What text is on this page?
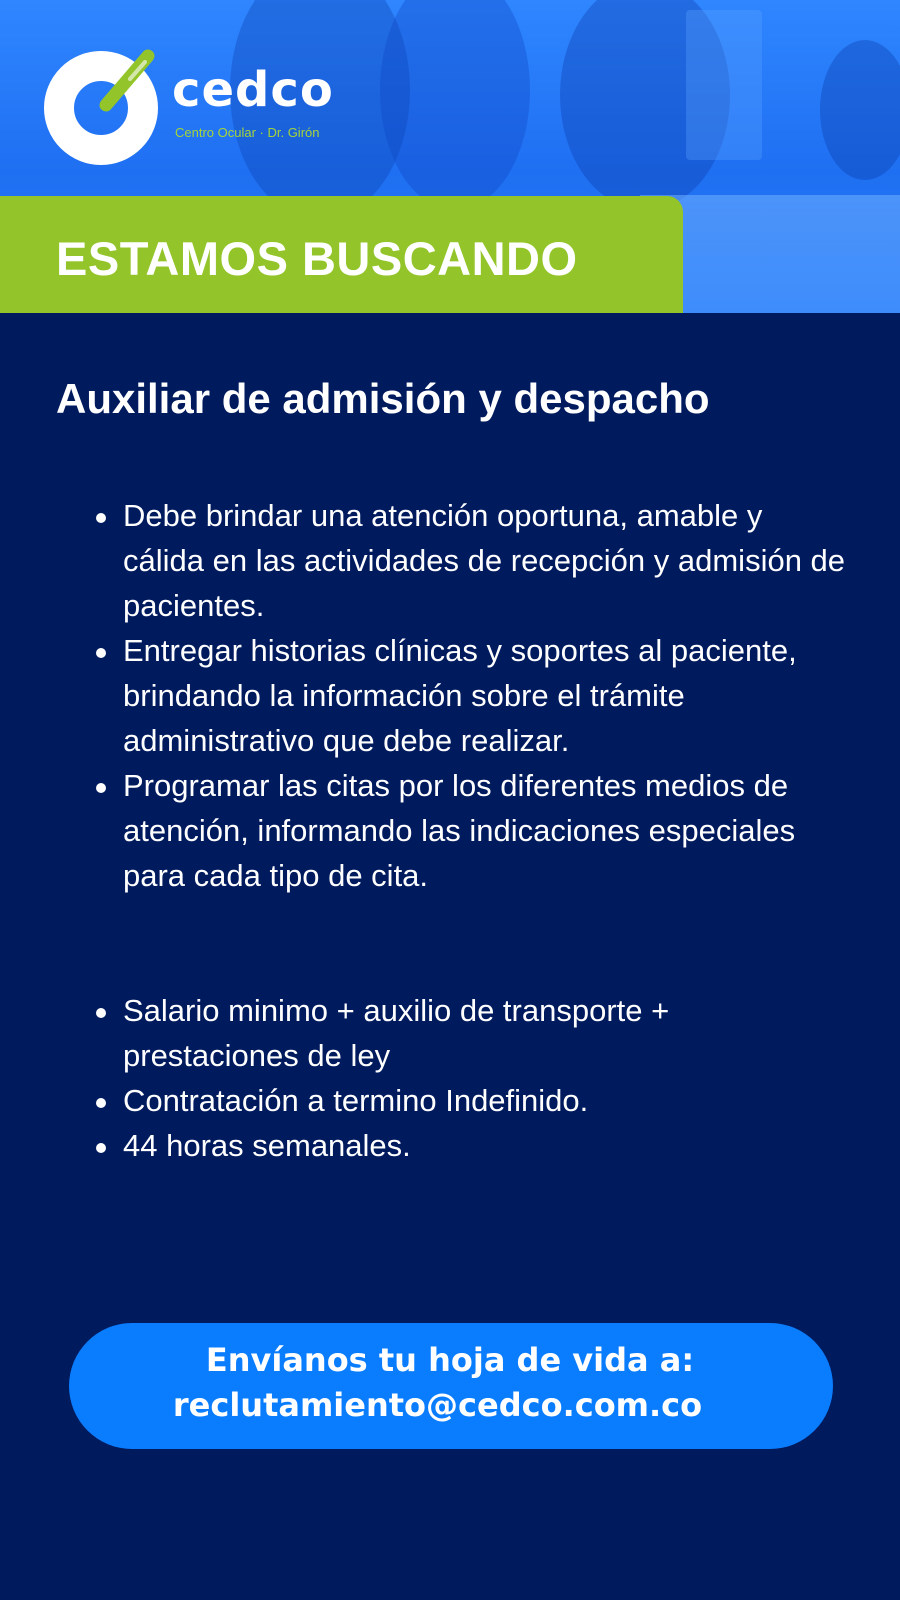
cedco
Centro Ocular · Dr. Girón
ESTAMOS BUSCANDO
Auxiliar de admisión y despacho
Debe brindar una atención oportuna, amable y cálida en las actividades de recepción y admisión de pacientes.
Entregar historias clínicas y soportes al paciente, brindando la información sobre el trámite administrativo que debe realizar.
Programar las citas por los diferentes medios de atención, informando las indicaciones especiales para cada tipo de cita.
Salario minimo + auxilio de transporte + prestaciones de ley
Contratación a termino Indefinido.
44 horas semanales.
Envíanos tu hoja de vida a:
reclutamiento@cedco.com.co
